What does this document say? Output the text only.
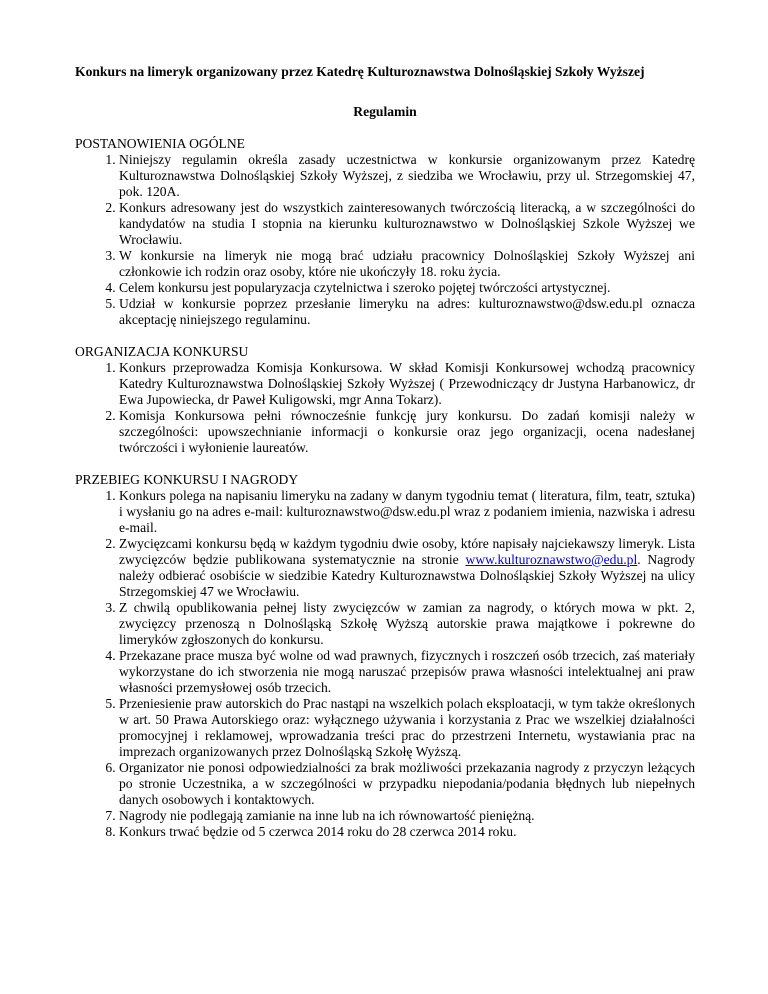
Konkurs na limeryk organizowany przez Katedrę Kulturoznawstwa Dolnośląskiej Szkoły Wyższej

Regulamin

POSTANOWIENIA OGÓLNE

1. Niniejszy regulamin określa zasady uczestnictwa w konkursie organizowanym przez Katedrę Kulturoznawstwa Dolnośląskiej Szkoły Wyższej, z siedziba we Wrocławiu, przy ul. Strzegomskiej 47, pok. 120A.
2. Konkurs adresowany jest do wszystkich zainteresowanych twórczością literacką, a w szczególności do kandydatów na studia I stopnia na kierunku kulturoznawstwo w Dolnośląskiej Szkole Wyższej we Wrocławiu.
3. W konkursie na limeryk nie mogą brać udziału pracownicy Dolnośląskiej Szkoły Wyższej ani członkowie ich rodzin oraz osoby, które nie ukończyły 18. roku życia.
4. Celem konkursu jest popularyzacja czytelnictwa i szeroko pojętej twórczości artystycznej.
5. Udział w konkursie poprzez przesłanie limeryku na adres: kulturoznawstwo@dsw.edu.pl oznacza akceptację niniejszego regulaminu.

ORGANIZACJA KONKURSU

1. Konkurs przeprowadza Komisja Konkursowa. W skład Komisji Konkursowej wchodzą pracownicy Katedry Kulturoznawstwa Dolnośląskiej Szkoły Wyższej ( Przewodniczący dr Justyna Harbanowicz, dr Ewa Jupowiecka, dr Paweł Kuligowski, mgr Anna Tokarz).
2. Komisja Konkursowa pełni równocześnie funkcję jury konkursu. Do zadań komisji należy w szczególności: upowszechnianie informacji o konkursie oraz jego organizacji, ocena nadesłanej twórczości i wyłonienie laureatów.

PRZEBIEG KONKURSU I NAGRODY

1. Konkurs polega na napisaniu limeryku na zadany w danym tygodniu temat ( literatura, film, teatr, sztuka) i wysłaniu go na adres e-mail: kulturoznawstwo@dsw.edu.pl wraz z podaniem imienia, nazwiska i adresu e-mail.
2. Zwycięzcami konkursu będą w każdym tygodniu dwie osoby, które napisały najciekawszy limeryk. Lista zwycięzców będzie publikowana systematycznie na stronie www.kulturoznawstwo@edu.pl. Nagrody należy odbierać osobiście w siedzibie Katedry Kulturoznawstwa Dolnośląskiej Szkoły Wyższej na ulicy Strzegomskiej 47 we Wrocławiu.
3. Z chwilą opublikowania pełnej listy zwycięzców w zamian za nagrody, o których mowa w pkt. 2, zwycięzcy przenoszą n Dolnośląską Szkołę Wyższą autorskie prawa majątkowe i pokrewne do limeryków zgłoszonych do konkursu.
4. Przekazane prace musza być wolne od wad prawnych, fizycznych i roszczeń osób trzecich, zaś materiały wykorzystane do ich stworzenia nie mogą naruszać przepisów prawa własności intelektualnej ani praw własności przemysłowej osób trzecich.
5. Przeniesienie praw autorskich do Prac nastąpi na wszelkich polach eksploatacji, w tym także określonych w art. 50 Prawa Autorskiego oraz: wyłącznego używania i korzystania z Prac we wszelkiej działalności promocyjnej i reklamowej, wprowadzania treści prac do przestrzeni Internetu, wystawiania prac na imprezach organizowanych przez Dolnośląską Szkołę Wyższą.
6. Organizator nie ponosi odpowiedzialności za brak możliwości przekazania nagrody z przyczyn leżących po stronie Uczestnika, a w szczególności w przypadku niepodania/podania błędnych lub niepełnych danych osobowych i kontaktowych.
7. Nagrody nie podlegają zamianie na inne lub na ich równowartość pieniężną.
8. Konkurs trwać będzie od 5 czerwca 2014 roku do 28 czerwca 2014 roku.
